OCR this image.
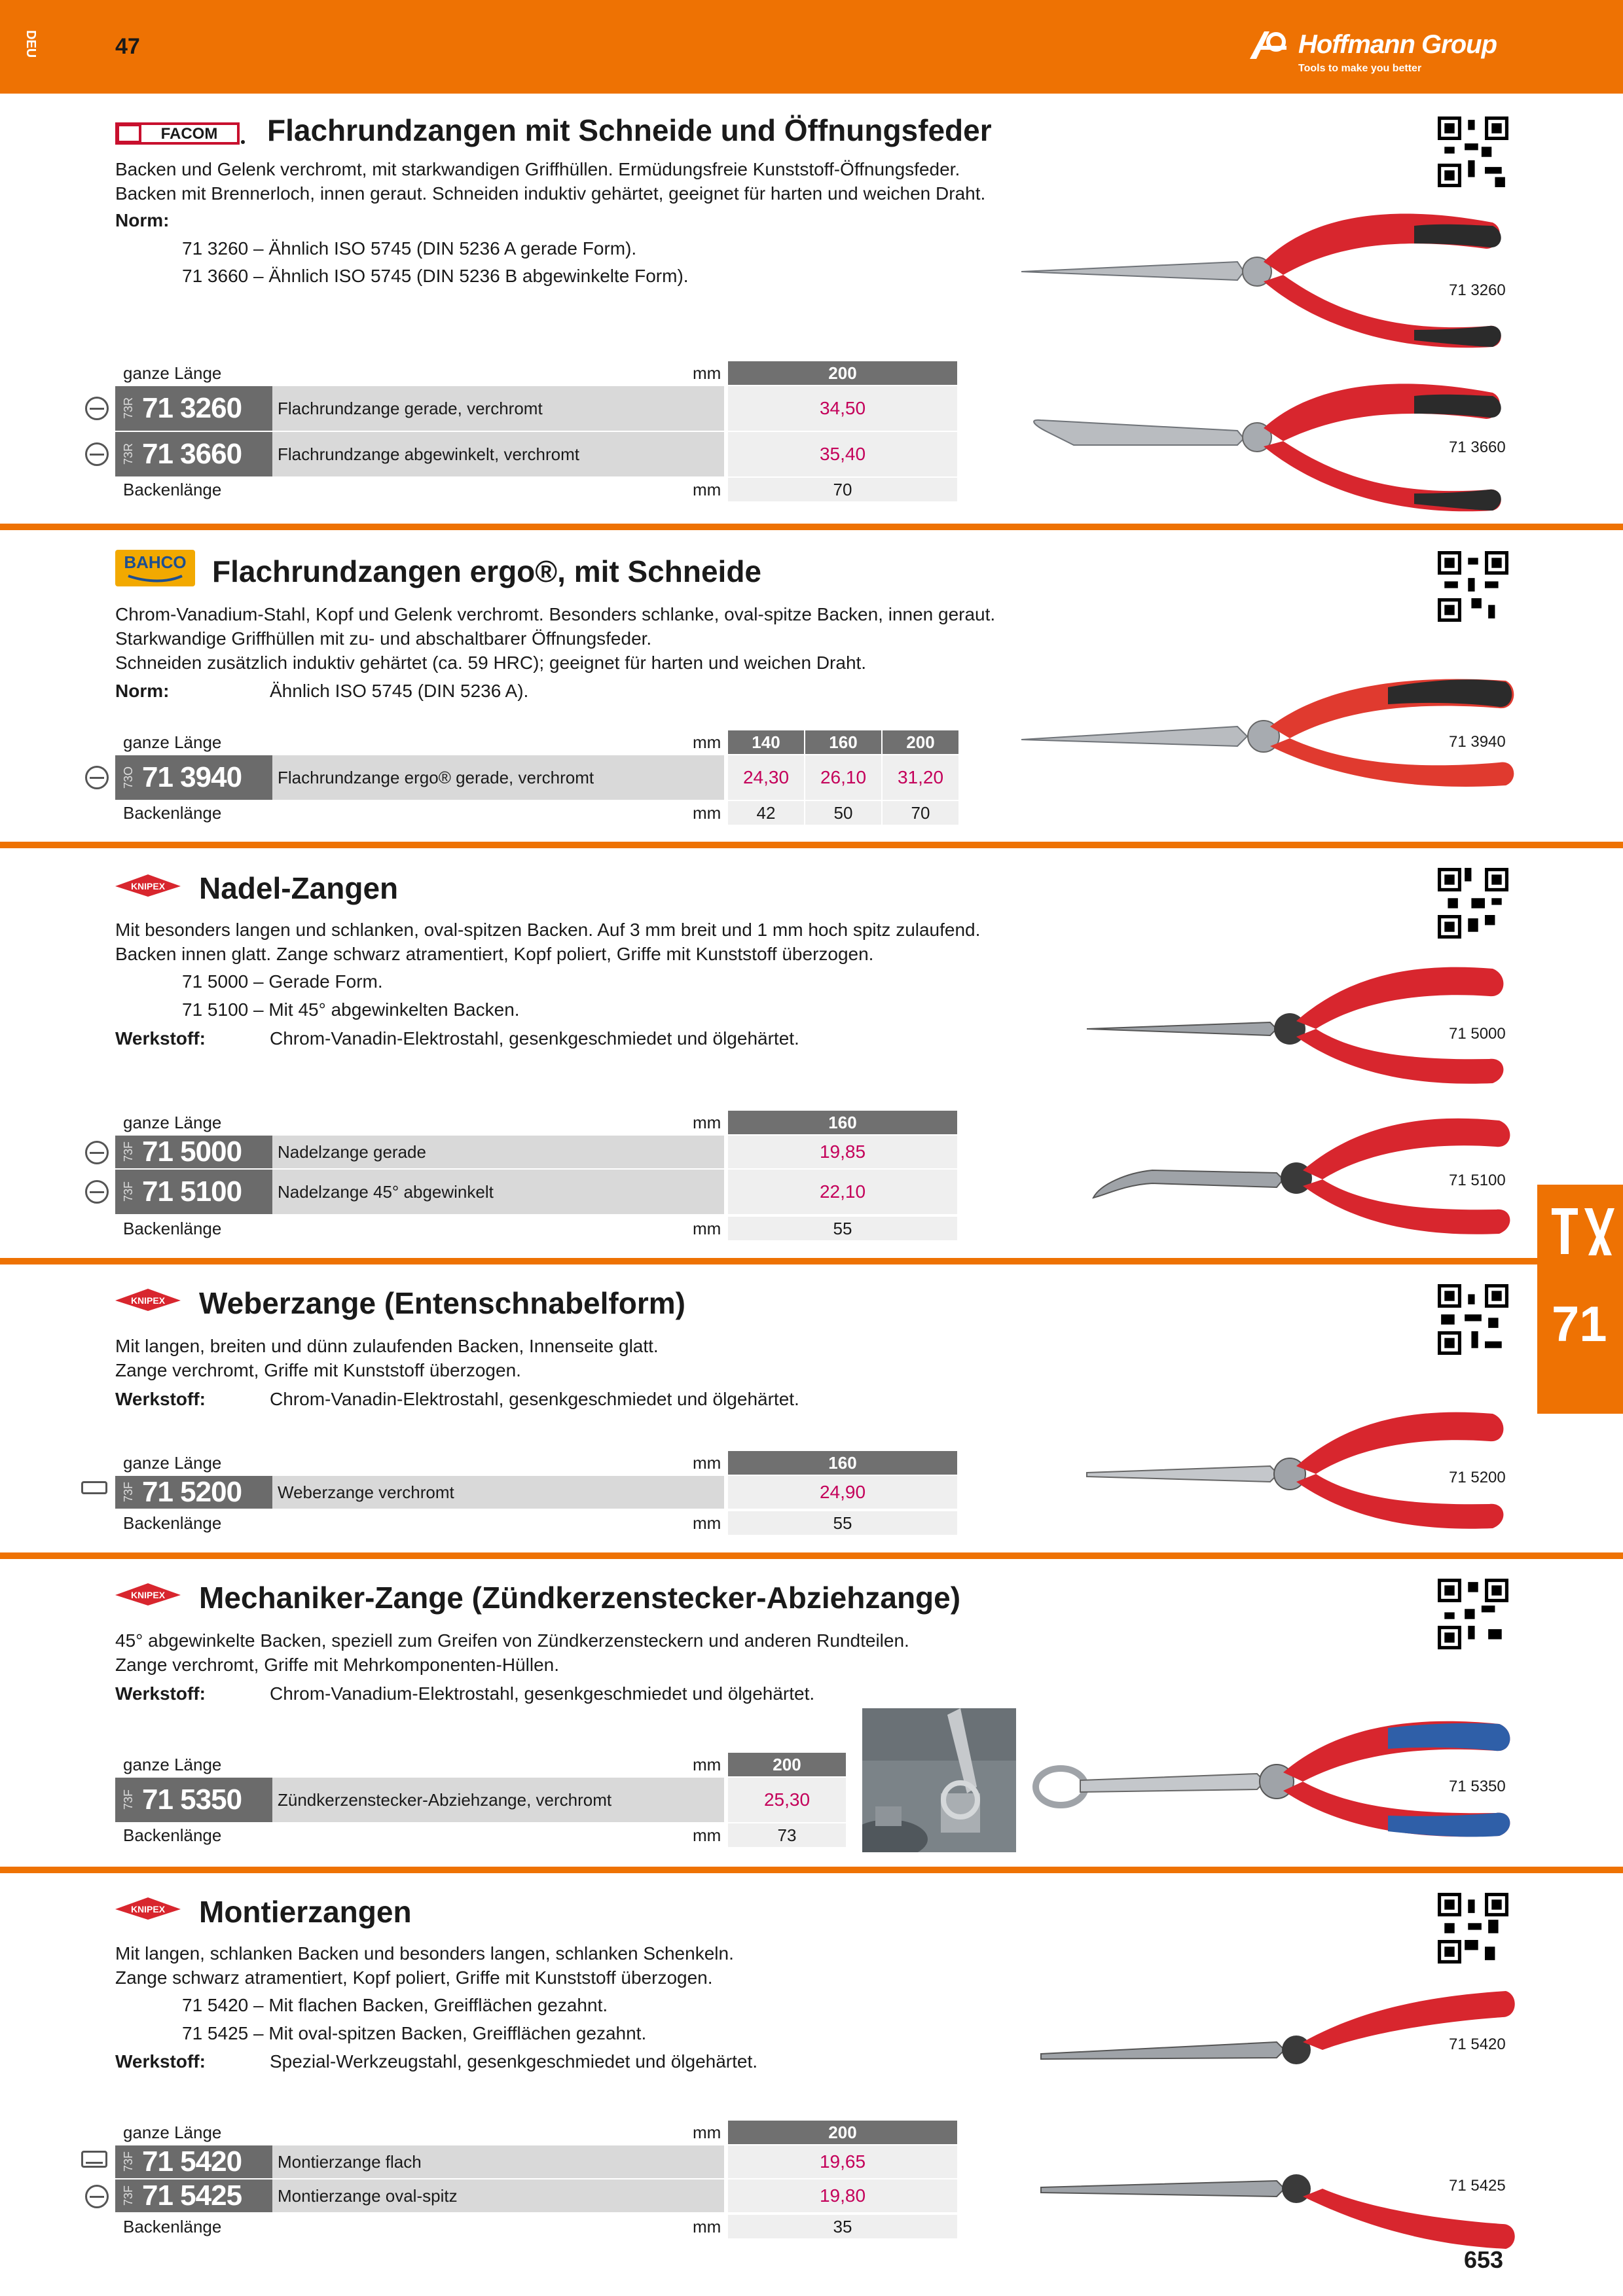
DEU	47	Hoffmann Group
Tools to make you better
FACOM Flachrundzangen mit Schneide und Öffnungsfeder
Backen und Gelenk verchromt, mit starkwandigen Griffhüllen. Ermüdungsfreie Kunststoff-Öffnungsfeder.
Backen mit Brennerloch, innen geraut. Schneiden induktiv gehärtet, geeignet für harten und weichen Draht.
Norm:
71 3260 – Ähnlich ISO 5745 (DIN 5236 A gerade Form).
71 3660 – Ähnlich ISO 5745 (DIN 5236 B abgewinkelte Form).
71 3260
71 3660
ganze Länge	mm	200
73R 71 3260	Flachrundzange gerade, verchromt	34,50
73R 71 3660	Flachrundzange abgewinkelt, verchromt	35,40
Backenlänge	mm	70
BAHCO Flachrundzangen ergo®, mit Schneide
Chrom-Vanadium-Stahl, Kopf und Gelenk verchromt. Besonders schlanke, oval-spitze Backen, innen geraut.
Starkwandige Griffhüllen mit zu- und abschaltbarer Öffnungsfeder.
Schneiden zusätzlich induktiv gehärtet (ca. 59 HRC); geeignet für harten und weichen Draht.
Norm:	Ähnlich ISO 5745 (DIN 5236 A).
71 3940
ganze Länge	mm	140	160	200
73O 71 3940	Flachrundzange ergo® gerade, verchromt	24,30	26,10	31,20
Backenlänge	mm	42	50	70
KNIPEX Nadel-Zangen
Mit besonders langen und schlanken, oval-spitzen Backen. Auf 3 mm breit und 1 mm hoch spitz zulaufend.
Backen innen glatt. Zange schwarz atramentiert, Kopf poliert, Griffe mit Kunststoff überzogen.
71 5000 – Gerade Form.
71 5100 – Mit 45° abgewinkelten Backen.
Werkstoff:	Chrom-Vanadin-Elektrostahl, gesenkgeschmiedet und ölgehärtet.	71 5000
71 5100
ganze Länge	mm	160
73F 71 5000	Nadelzange gerade	19,85
73F 71 5100	Nadelzange 45° abgewinkelt	22,10
Backenlänge	mm	55
KNIPEX Weberzange (Entenschnabelform)
Mit langen, breiten und dünn zulaufenden Backen, Innenseite glatt.
Zange verchromt, Griffe mit Kunststoff überzogen.
Werkstoff:	Chrom-Vanadin-Elektrostahl, gesenkgeschmiedet und ölgehärtet.
71 5200
ganze Länge	mm	160
73F 71 5200	Weberzange verchromt	24,90
Backenlänge	mm	55
KNIPEX Mechaniker-Zange (Zündkerzenstecker-Abziehzange)
45° abgewinkelte Backen, speziell zum Greifen von Zündkerzensteckern und anderen Rundteilen.
Zange verchromt, Griffe mit Mehrkomponenten-Hüllen.
Werkstoff:	Chrom-Vanadium-Elektrostahl, gesenkgeschmiedet und ölgehärtet.
71 5350
ganze Länge	mm	200
73F 71 5350	Zündkerzenstecker-Abziehzange, verchromt	25,30
Backenlänge	mm	73
KNIPEX Montierzangen
Mit langen, schlanken Backen und besonders langen, schlanken Schenkeln.
Zange schwarz atramentiert, Kopf poliert, Griffe mit Kunststoff überzogen.
71 5420 – Mit flachen Backen, Greifflächen gezahnt.
71 5425 – Mit oval-spitzen Backen, Greifflächen gezahnt.
Werkstoff:	Spezial-Werkzeugstahl, gesenkgeschmiedet und ölgehärtet.
71 5420
71 5425
ganze Länge	mm	200
73F 71 5420	Montierzange flach	19,65
73F 71 5425	Montierzange oval-spitz	19,80
Backenlänge	mm	35
71
653
